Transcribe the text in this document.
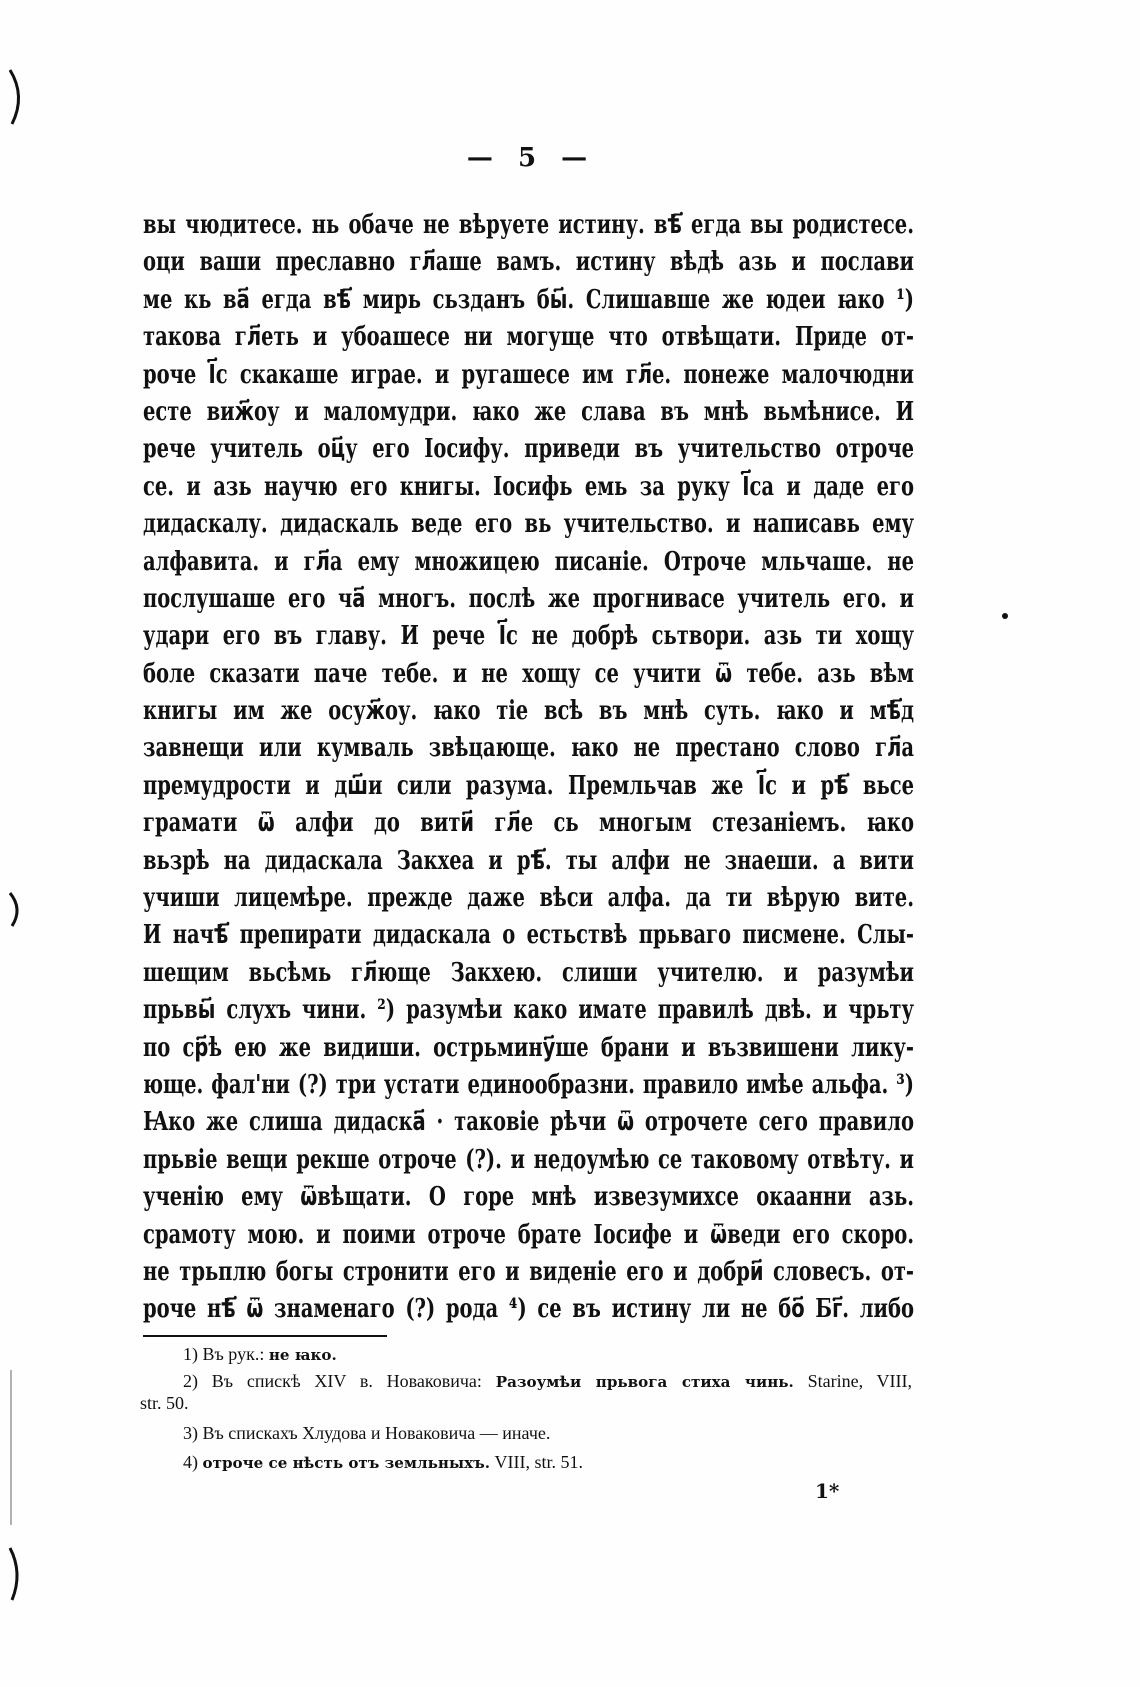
— 5 —
вы чюдитесе. нь обаче не вѣруете истину. вѣ҃ егда вы родистесе.
оци ваши преславно гл҃аше вамъ. истину вѣдѣ азь и послави
ме кь ва҃ егда вѣ҃ мирь сьзданъ бы҃. Слишавше же юдеи ꙗко ¹)
такова гл҃еть и убоашесе ни могуще что отвѣщати. Приде от-
роче І҃с скакаше играе. и ругашесе им гл҃е. понеже малочюдни
есте виж҃оу и маломудри. ꙗко же слава въ мнѣ вьмѣнисе. И
рече учитель оц҃у его Іосифу. приведи въ учительство отроче
се. и азь научю его книгы. Іосифь емь за руку І҃са и даде его
дидаскалу. дидаскаль веде его вь учительство. и написавь ему
алфавита. и гл҃а ему множицею писаніе. Отроче мльчаше. не
послушаше его ча҃ многъ. послѣ же прогнивасе учитель его. и
удари его въ главу. И рече І҃с не добрѣ сьтвори. азь ти хощу
боле сказати паче тебе. и не хощу се учити ѿ тебе. азь вѣм
книгы им же осуж҃оу. ꙗко тіе всѣ въ мнѣ суть. ꙗко и мѣ҃д
завнещи или кумваль звѣцающе. ꙗко не престано слово гл҃а
премудрости и дш҃и сили разума. Премльчав же І҃с и рѣ҃ вьсе
грамати ѿ алфи до вити҃ гл҃е сь многым стезаніемъ. ꙗко
вьзрѣ на дидаскала Закхеа и рѣ҃. ты алфи не знаеши. а вити
учиши лицемѣре. прежде даже вѣси алфа. да ти вѣрую вите.
И начѣ҃ препирати дидаскала о естьствѣ прьваго писмене. Слы-
шещим вьсѣмь гл҃юще Закхею. слиши учителю. и разумѣи
прьвы҃ слухъ чини. ²) разумѣи како имате правилѣ двѣ. и чрьту
по ср҃ѣ ею же видиши. острьмину҃ше брани и възвишени лику-
юще. фал'ни (?) три устати единообразни. правило имѣе альфа. ³)
Ꙗко же слиша дидаска҃ · таковіе рѣчи ѿ отрочете сего правило
прьвіе вещи рекше отроче (?). и недоумѣю се таковому отвѣту. и
ученію ему ѿвѣщати. О горе мнѣ извезумихсе окаанни азь.
срамоту мою. и поими отроче брате Іосифе и ѿведи его скоро.
не трьплю богы стронити его и виденіе его и добри҃ словесъ. от-
роче нѣ҃ ѿ знаменаго (?) рода ⁴) се въ истину ли не бо҃ Бг҃. либо
1) Въ рук.: не ꙗко.
2) Въ спискѣ XIV в. Новаковича: Разоумѣи прьвога стиха чинь. Starine, VIII,
str. 50.
3) Въ спискахъ Хлудова и Новаковича — иначе.
4) отроче се нѣсть отъ земльныхъ. VIII, str. 51.
1*
